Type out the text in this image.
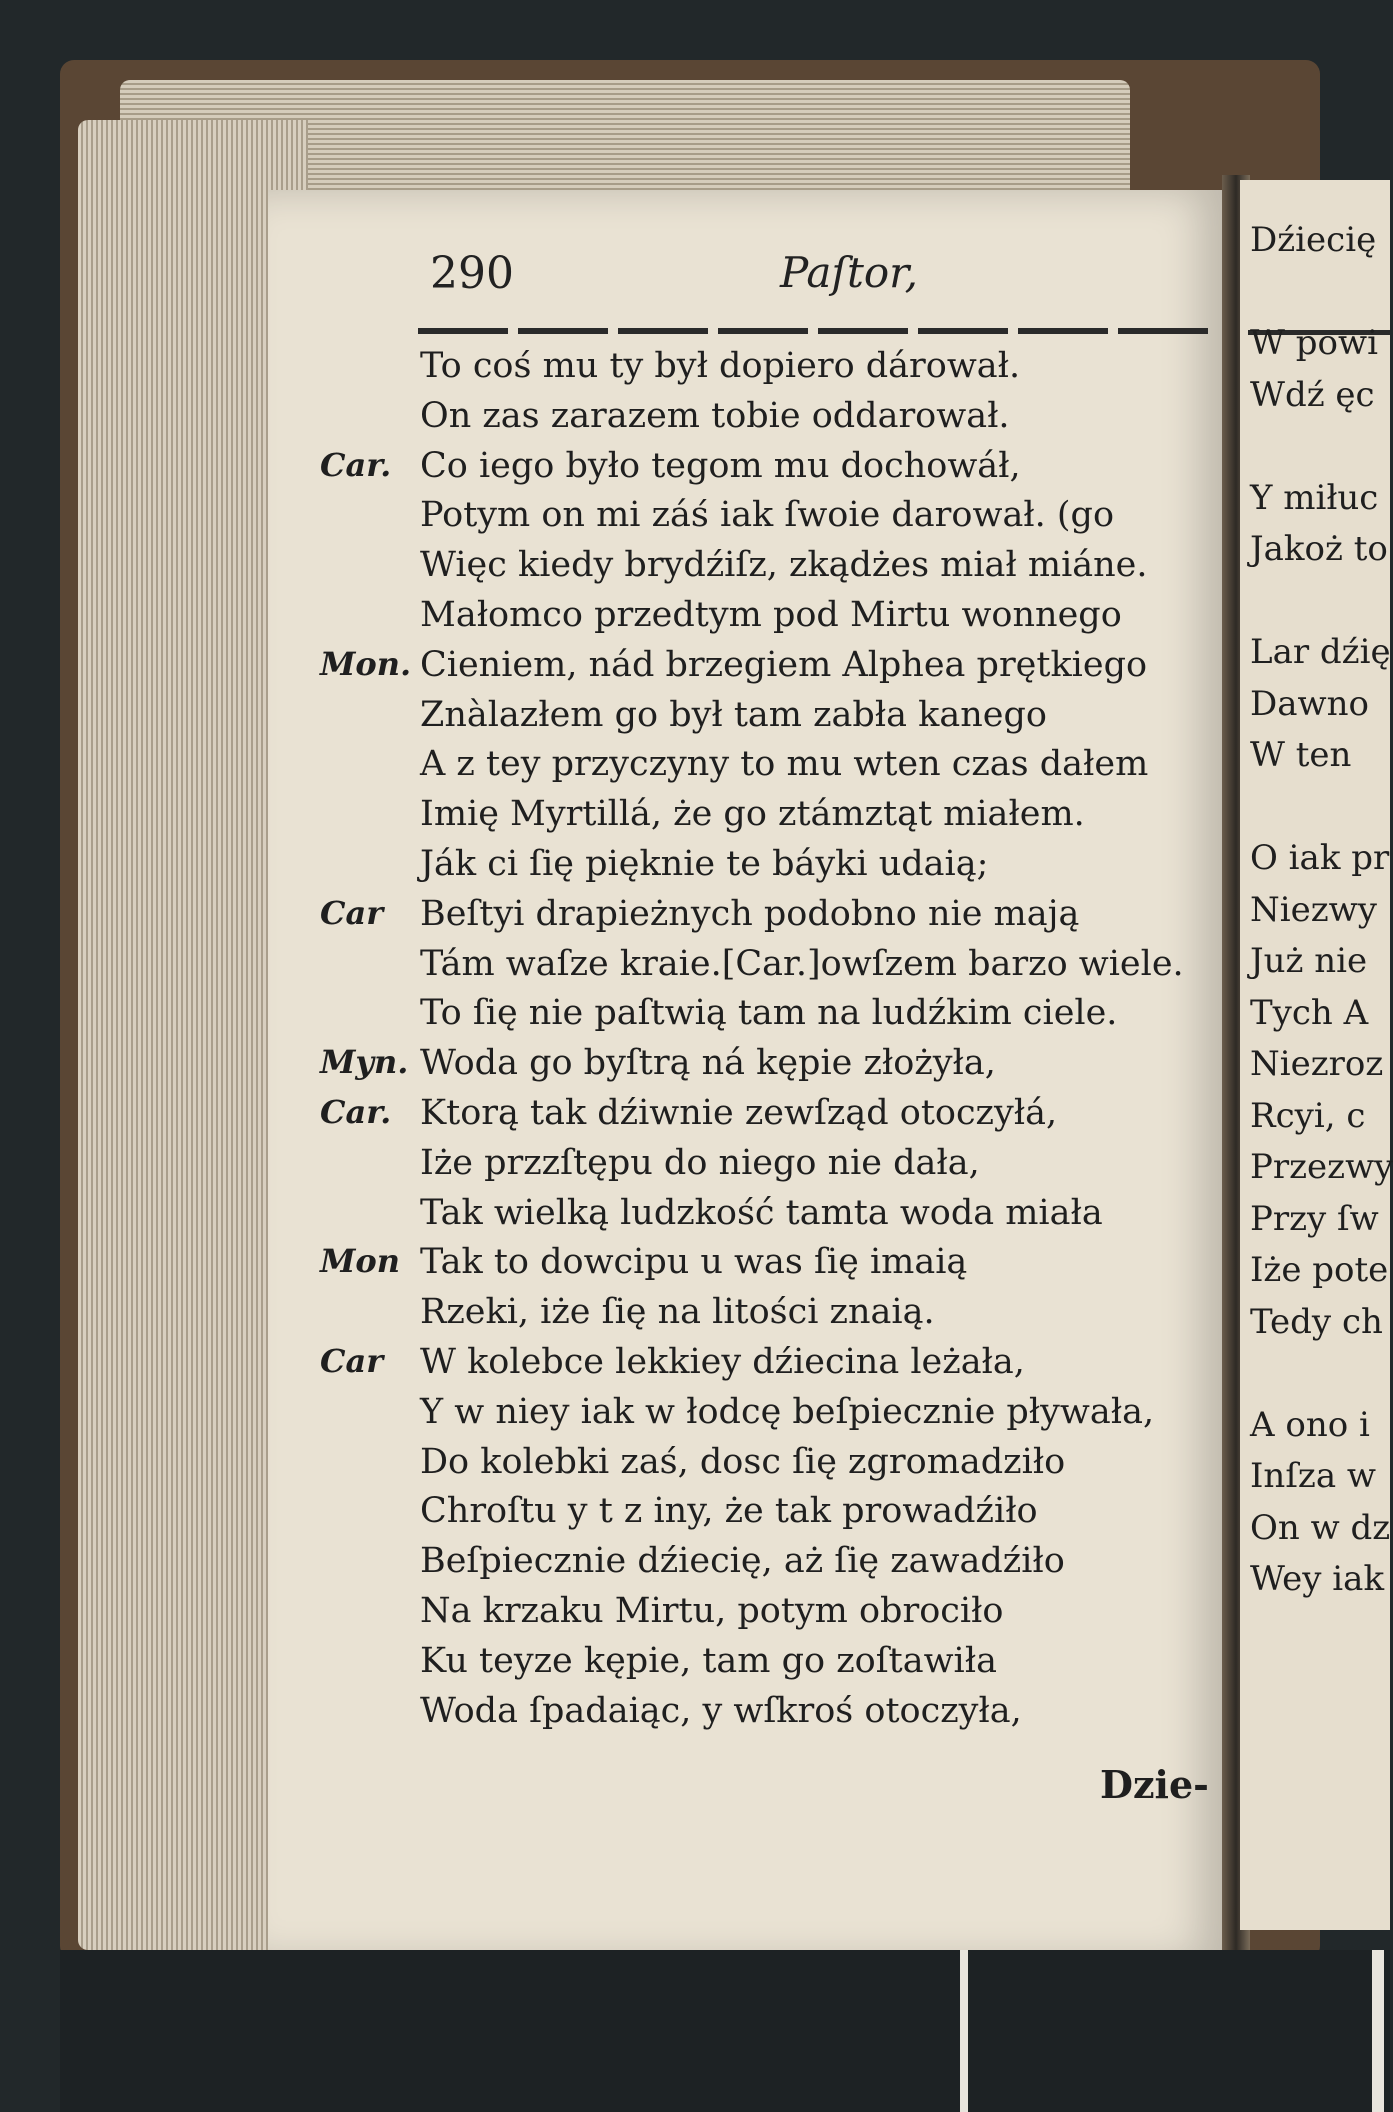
290	Paſtor,
To coś mu ty był dopiero dárował.
On zas zarazem tobie oddarował.
Co iego było tegom mu dochowáł,
Potym on mi záś iak ſwoie darował. (go
Więc kiedy brydźiſz, zkądżes miał miáne.
Małomco przedtym pod Mirtu wonnego
Cieniem, nád brzegiem Alphea prętkiego
Znàlazłem go był tam zabła kanego
A z tey przyczyny to mu wten czas dałem
Imię Myrtillá, że go ztámztąt miałem.
Ják ci ſię pięknie te báyki udaią;
Beſtyi drapieżnych podobno nie mają
Tám waſze kraie.[Car.]owſzem barzo wiele.
To ſię nie paſtwią tam na ludźkim ciele.
Woda go byſtrą ná kępie złożyła,
Ktorą tak dźiwnie zewſząd otoczyłá,
Iże przzſtępu do niego nie dała,
Tak wielką ludzkość tamta woda miała
Tak to dowcipu u was ſię imaią
Rzeki, iże ſię na litości znaią.
W kolebce lekkiey dźiecina leżała,
Y w niey iak w łodcę beſpiecznie pływała,
Do kolebki zaś, dosc ſię zgromadziło
Chroſtu y t z iny, że tak prowadźiło
Beſpiecznie dźiecię, aż ſię zawadźiło
Na krzaku Mirtu, potym obrociło
Ku teyze kępie, tam go zoſtawiła
Woda ſpadaiąc, y wſkroś otoczyła,
Car.
Mon.
Car
Myn.
Car.
Mon
Car
Dzie-
Dźiecię
W powi
Wdź ęc
Y miłuc
Jakoż to
Lar dźię
Dawno
W ten
O iak pr
Niezwy
Już nie
Tych A
Niezroz
Rcyi, c
Przezwy
Przy ſw
Iże pote
Tedy ch
A ono i
Inſza w
On w dz
Wey iak
